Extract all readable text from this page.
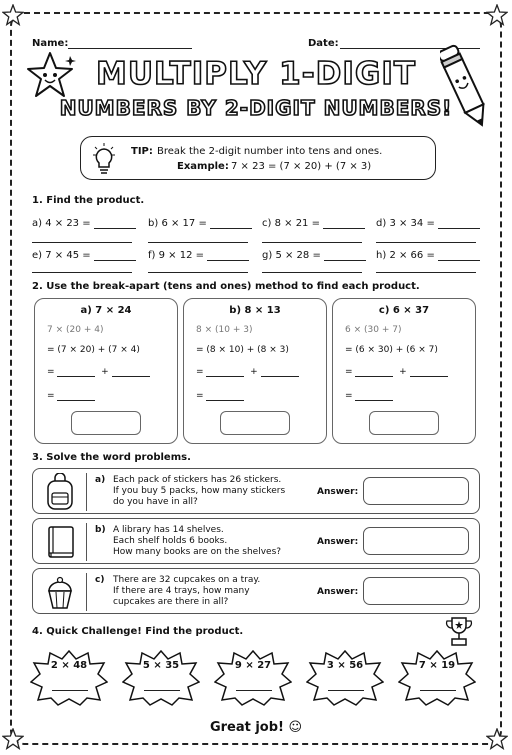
Name:	Date:
MULTIPLY 1-DIGIT
NUMBERS BY 2-DIGIT NUMBERS!
TIP: Break the 2-digit number into tens and ones.
Example: 7 × 23 = (7 × 20) + (7 × 3)
1. Find the product.
a) 4 × 23 =	b) 6 × 17 =	c) 8 × 21 =	d) 3 × 34 =
e) 7 × 45 =	f) 9 × 12 =	g) 5 × 28 =	h) 2 × 66 =
2. Use the break-apart (tens and ones) method to find each product.
a) 7 × 24
7 × (20 + 4)
= (7 × 20) + (7 × 4)
=	+
=
b) 8 × 13
8 × (10 + 3)
= (8 × 10) + (8 × 3)
=	+
=
c) 6 × 37
6 × (30 + 7)
= (6 × 30) + (6 × 7)
=	+
=
3. Solve the word problems.
a) Each pack of stickers has 26 stickers.
If you buy 5 packs, how many stickers
do you have in all?
Answer:
b) A library has 14 shelves.
Each shelf holds 6 books.
How many books are on the shelves?
Answer:
c) There are 32 cupcakes on a tray.
If there are 4 trays, how many
cupcakes are there in all?
Answer:
4. Quick Challenge! Find the product.
2 × 48	5 × 35	9 × 27	3 × 56	7 × 19
Great job! ☺
